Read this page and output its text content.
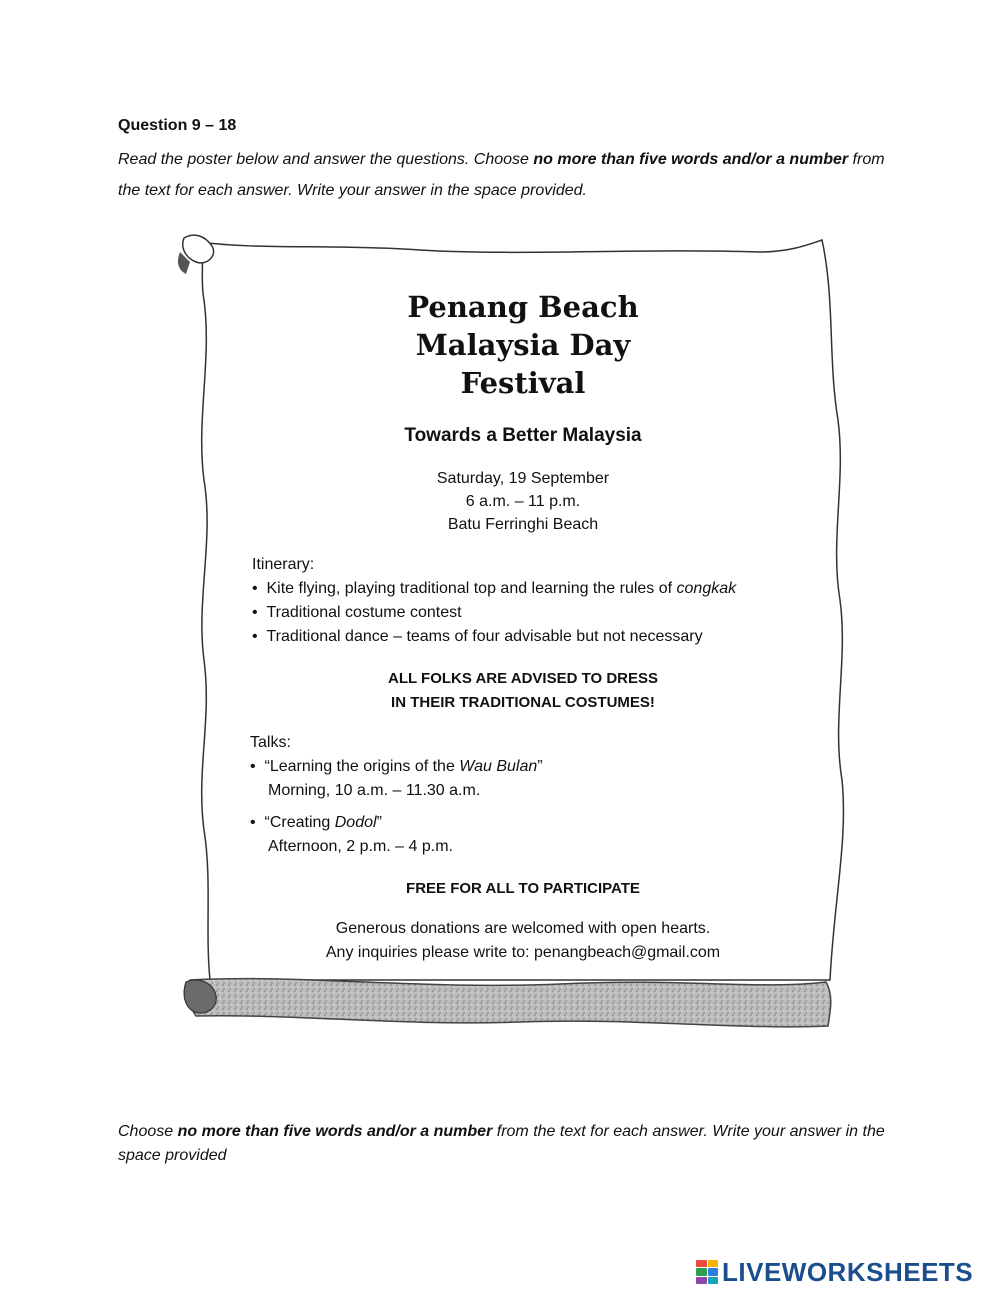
Question 9 – 18
Read the poster below and answer the questions. Choose no more than five words and/or a number from the text for each answer. Write your answer in the space provided.
Penang Beach
Malaysia Day
Festival
Towards a Better Malaysia
Saturday, 19 September
6 a.m. – 11 p.m.
Batu Ferringhi Beach
Itinerary:
•  Kite flying, playing traditional top and learning the rules of congkak
•  Traditional costume contest
•  Traditional dance – teams of four advisable but not necessary
ALL FOLKS ARE ADVISED TO DRESS
IN THEIR TRADITIONAL COSTUMES!
Talks:
•  “Learning the origins of the Wau Bulan”
Morning, 10 a.m. – 11.30 a.m.
•  “Creating Dodol”
Afternoon, 2 p.m. – 4 p.m.
FREE FOR ALL TO PARTICIPATE
Generous donations are welcomed with open hearts.
Any inquiries please write to: penangbeach@gmail.com
Choose no more than five words and/or a number from the text for each answer. Write your answer in the space provided
LIVEWORKSHEETS
